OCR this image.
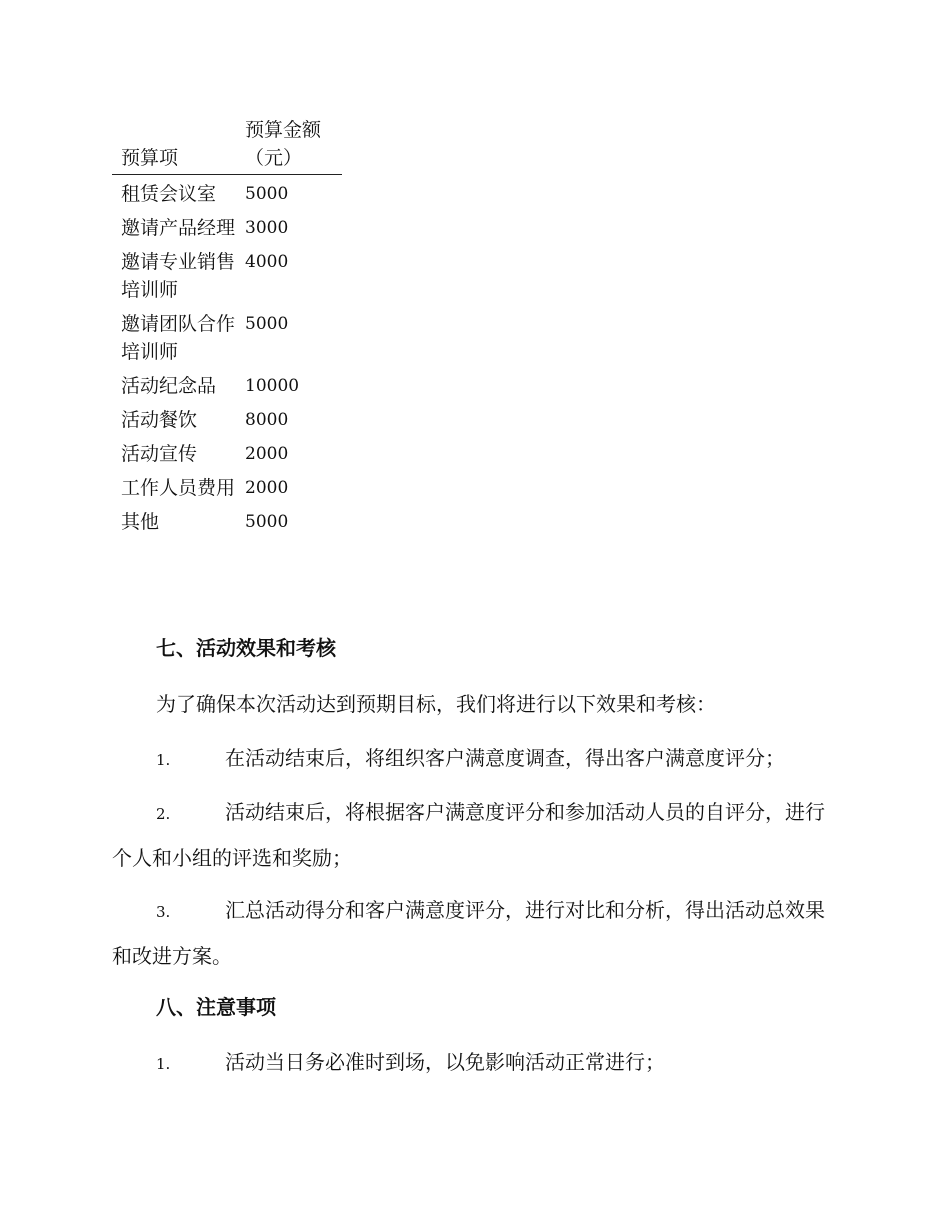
预算项	预算金额（元）

租赁会议室	5000
邀请产品经理	3000
邀请专业销售培训师	4000
邀请团队合作培训师	5000
活动纪念品	10000
活动餐饮	8000
活动宣传	2000
工作人员费用	2000
其他	5000
七、活动效果和考核

为了确保本次活动达到预期目标，我们将进行以下效果和考核：

1.	在活动结束后，将组织客户满意度调查，得出客户满意度评分；

2.	活动结束后，将根据客户满意度评分和参加活动人员的自评分，进行个人和小组的评选和奖励；

3.	汇总活动得分和客户满意度评分，进行对比和分析，得出活动总效果和改进方案。

八、注意事项

1.	活动当日务必准时到场，以免影响活动正常进行；
